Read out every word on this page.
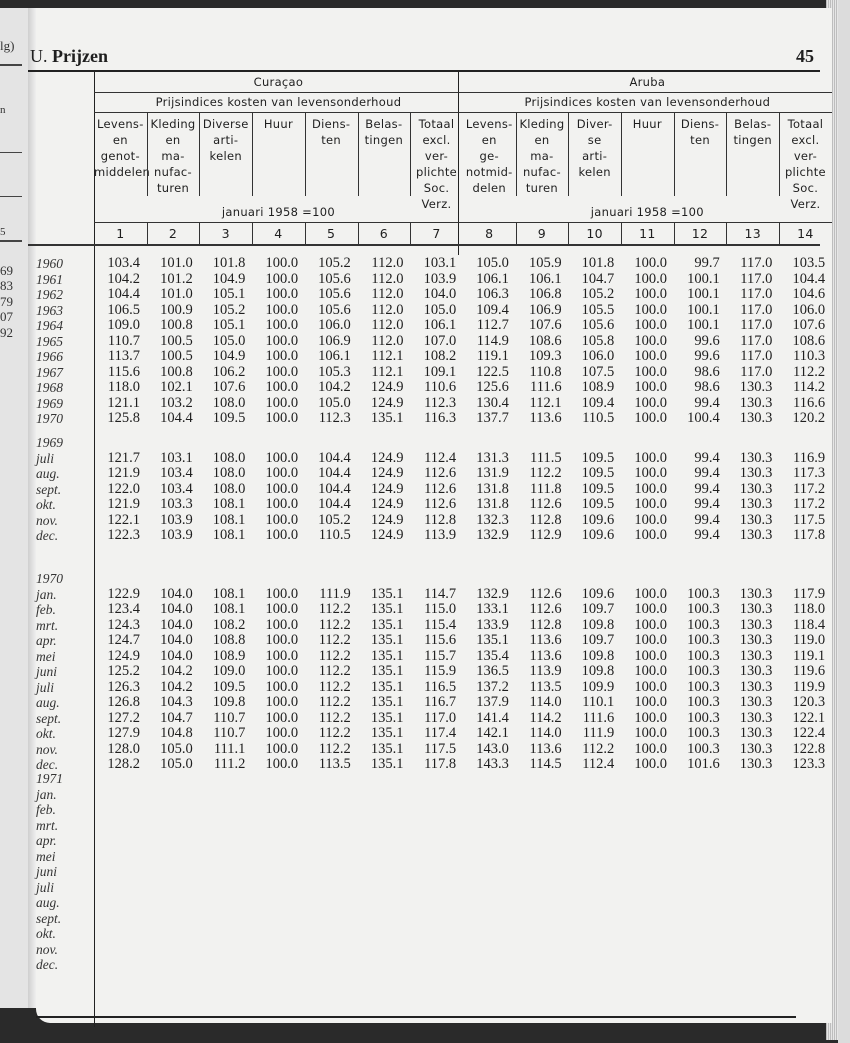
lg)
n
5
69
83
79
07
92
U. Prijzen	45
Curaçao
Prijsindices kosten van levensonderhoud
januari 1958 =100
Levens- en genot- middelen
1
Kleding en ma- nufac- turen
2
Diverse arti- kelen
3
Huur
4
Diens- ten
5
Belas- tingen
6
Totaal excl. ver- plichte Soc. Verz.
7
Aruba
Prijsindices kosten van levensonderhoud
januari 1958 =100
Levens- en ge- notmid- delen
8
Kleding en ma- nufac- turen
9
Diver- se arti- kelen
10
Huur
11
Diens- ten
12
Belas- tingen
13
Totaal excl. ver- plichte Soc. Verz.
14
1960	103.4	101.0	101.8	100.0	105.2	112.0	103.1	105.0	105.9	101.8	100.0	99.7	117.0	103.5
1961	104.2	101.2	104.9	100.0	105.6	112.0	103.9	106.1	106.1	104.7	100.0	100.1	117.0	104.4
1962	104.4	101.0	105.1	100.0	105.6	112.0	104.0	106.3	106.8	105.2	100.0	100.1	117.0	104.6
1963	106.5	100.9	105.2	100.0	105.6	112.0	105.0	109.4	106.9	105.5	100.0	100.1	117.0	106.0
1964	109.0	100.8	105.1	100.0	106.0	112.0	106.1	112.7	107.6	105.6	100.0	100.1	117.0	107.6
1965	110.7	100.5	105.0	100.0	106.9	112.0	107.0	114.9	108.6	105.8	100.0	99.6	117.0	108.6
1966	113.7	100.5	104.9	100.0	106.1	112.1	108.2	119.1	109.3	106.0	100.0	99.6	117.0	110.3
1967	115.6	100.8	106.2	100.0	105.3	112.1	109.1	122.5	110.8	107.5	100.0	98.6	117.0	112.2
1968	118.0	102.1	107.6	100.0	104.2	124.9	110.6	125.6	111.6	108.9	100.0	98.6	130.3	114.2
1969	121.1	103.2	108.0	100.0	105.0	124.9	112.3	130.4	112.1	109.4	100.0	99.4	130.3	116.6
1970	125.8	104.4	109.5	100.0	112.3	135.1	116.3	137.7	113.6	110.5	100.0	100.4	130.3	120.2
1969
juli	121.7	103.1	108.0	100.0	104.4	124.9	112.4	131.3	111.5	109.5	100.0	99.4	130.3	116.9
aug.	121.9	103.4	108.0	100.0	104.4	124.9	112.6	131.9	112.2	109.5	100.0	99.4	130.3	117.3
sept.	122.0	103.4	108.0	100.0	104.4	124.9	112.6	131.8	111.8	109.5	100.0	99.4	130.3	117.2
okt.	121.9	103.3	108.1	100.0	104.4	124.9	112.6	131.8	112.6	109.5	100.0	99.4	130.3	117.2
nov.	122.1	103.9	108.1	100.0	105.2	124.9	112.8	132.3	112.8	109.6	100.0	99.4	130.3	117.5
dec.	122.3	103.9	108.1	100.0	110.5	124.9	113.9	132.9	112.9	109.6	100.0	99.4	130.3	117.8
1970
jan.	122.9	104.0	108.1	100.0	111.9	135.1	114.7	132.9	112.6	109.6	100.0	100.3	130.3	117.9
feb.	123.4	104.0	108.1	100.0	112.2	135.1	115.0	133.1	112.6	109.7	100.0	100.3	130.3	118.0
mrt.	124.3	104.0	108.2	100.0	112.2	135.1	115.4	133.9	112.8	109.8	100.0	100.3	130.3	118.4
apr.	124.7	104.0	108.8	100.0	112.2	135.1	115.6	135.1	113.6	109.7	100.0	100.3	130.3	119.0
mei	124.9	104.0	108.9	100.0	112.2	135.1	115.7	135.4	113.6	109.8	100.0	100.3	130.3	119.1
juni	125.2	104.2	109.0	100.0	112.2	135.1	115.9	136.5	113.9	109.8	100.0	100.3	130.3	119.6
juli	126.3	104.2	109.5	100.0	112.2	135.1	116.5	137.2	113.5	109.9	100.0	100.3	130.3	119.9
aug.	126.8	104.3	109.8	100.0	112.2	135.1	116.7	137.9	114.0	110.1	100.0	100.3	130.3	120.3
sept.	127.2	104.7	110.7	100.0	112.2	135.1	117.0	141.4	114.2	111.6	100.0	100.3	130.3	122.1
okt.	127.9	104.8	110.7	100.0	112.2	135.1	117.4	142.1	114.0	111.9	100.0	100.3	130.3	122.4
nov.	128.0	105.0	111.1	100.0	112.2	135.1	117.5	143.0	113.6	112.2	100.0	100.3	130.3	122.8
dec.	128.2	105.0	111.2	100.0	113.5	135.1	117.8	143.3	114.5	112.4	100.0	101.6	130.3	123.3
1971
jan.
feb.
mrt.
apr.
mei
juni
juli
aug.
sept.
okt.
nov.
dec.
